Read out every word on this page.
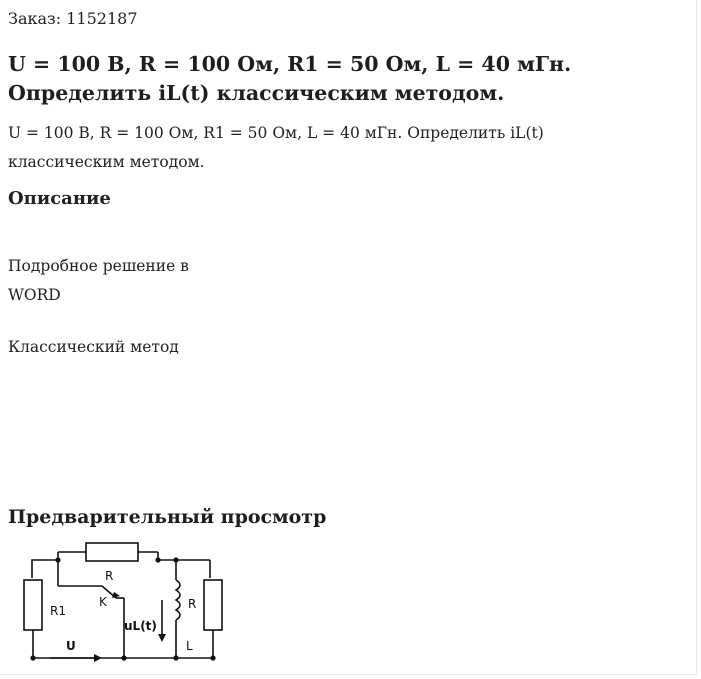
Заказ: 1152187
U = 100 В, R = 100 Ом, R1 = 50 Ом, L = 40 мГн. Определить iL(t) классическим методом.
U = 100 В, R = 100 Ом, R1 = 50 Ом, L = 40 мГн. Определить iL(t) классическим методом.
Описание
Подробное решение в
WORD
Классический метод
Предварительный просмотр
R
R1
K
uL(t)
R
L
U
